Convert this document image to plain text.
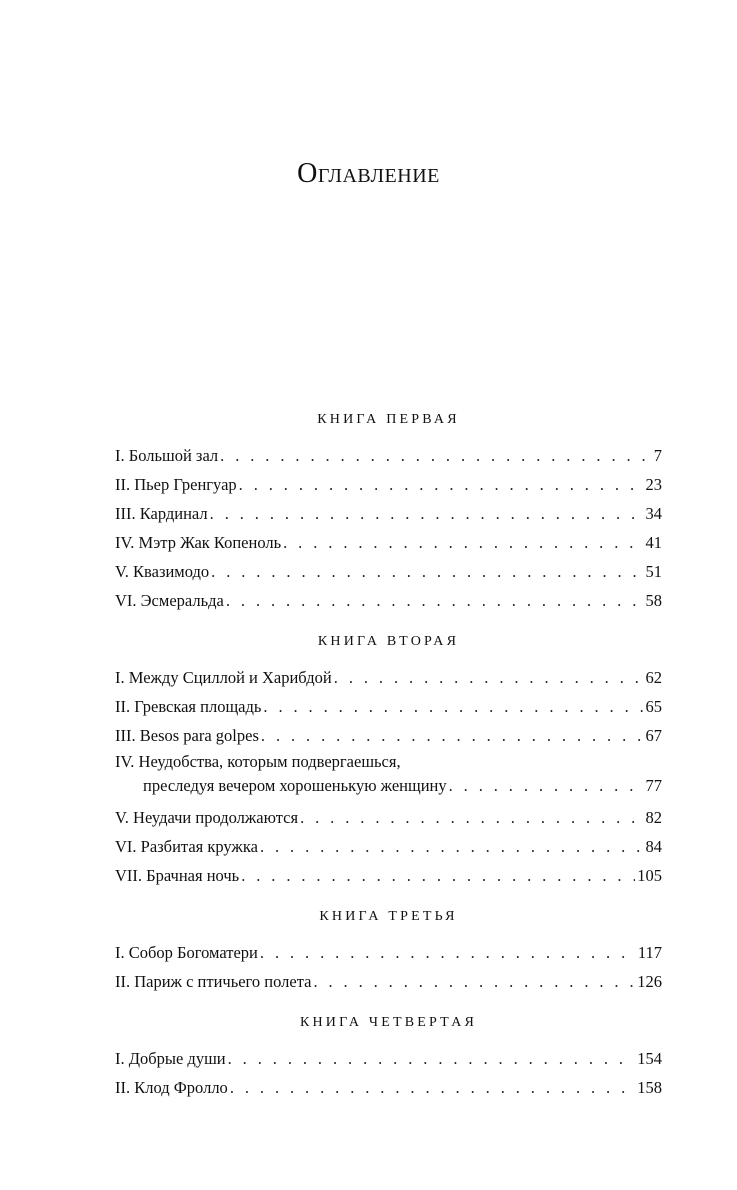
Оглавление
КНИГА ПЕРВАЯ
I. Большой зал . . .	7
II. Пьер Гренгуар . . .	23
III. Кардинал . . .	34
IV. Мэтр Жак Копеноль . . .	41
V. Квазимодо . . .	51
VI. Эсмеральда . . .	58
КНИГА ВТОРАЯ
I. Между Сциллой и Харибдой . . .	62
II. Гревская площадь . . .	65
III. Besos para golpes . . .	67
IV. Неудобства, которым подвергаешься,
преследуя вечером хорошенькую женщину . . .	77
V. Неудачи продолжаются . . .	82
VI. Разбитая кружка . . .	84
VII. Брачная ночь . . .	105
КНИГА ТРЕТЬЯ
I. Собор Богоматери . . .	117
II. Париж с птичьего полета . . .	126
КНИГА ЧЕТВЕРТАЯ
I. Добрые души . . .	154
II. Клод Фролло . . .	158
